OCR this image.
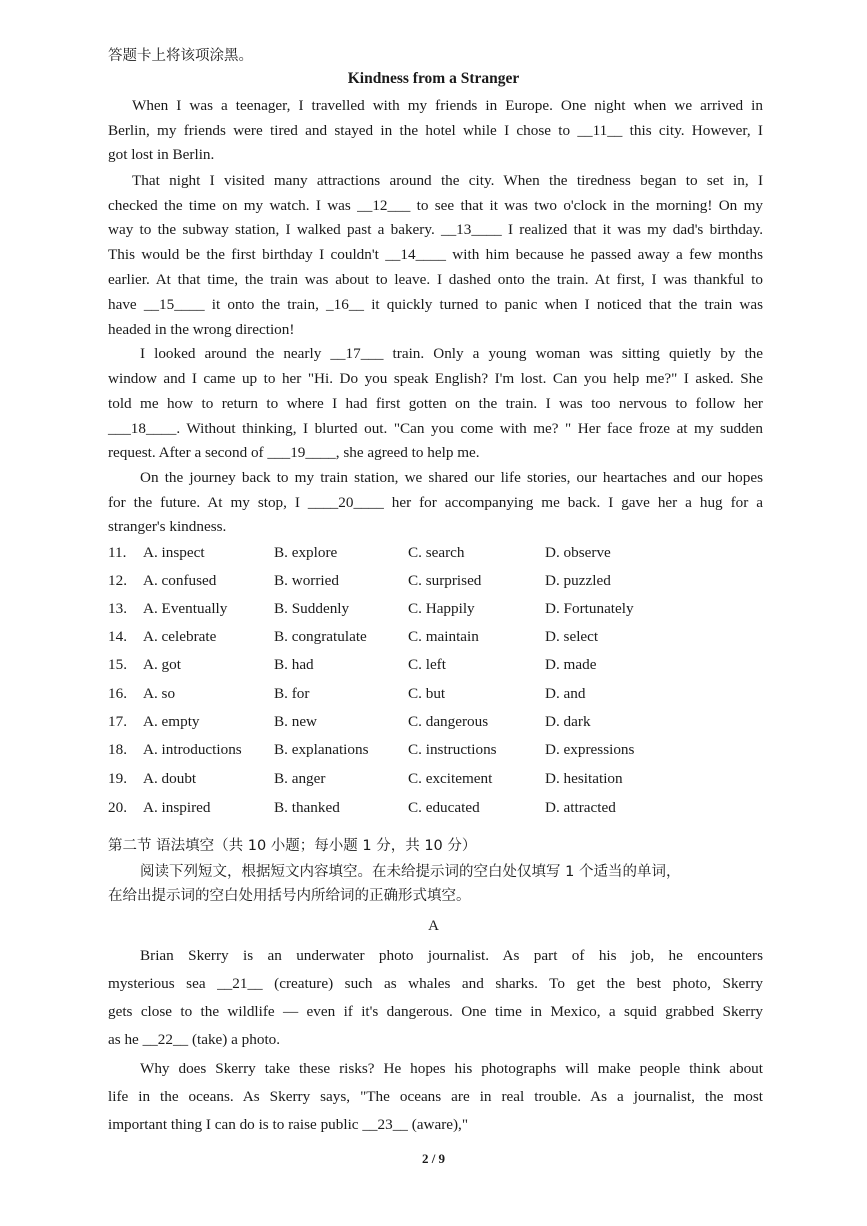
答题卡上将该项涂黑。
Kindness from a Stranger
When I was a teenager, I travelled with my friends in Europe. One night when we arrived in
Berlin, my friends were tired and stayed in the hotel while I chose to __11__ this city. However, I
got lost in Berlin.
That night I visited many attractions around the city. When the tiredness began to set in, I
checked the time on my watch. I was __12___ to see that it was two o'clock in the morning! On my
way to the subway station, I walked past a bakery. __13____ I realized that it was my dad's birthday.
This would be the first birthday I couldn't __14____ with him because he passed away a few months
earlier. At that time, the train was about to leave. I dashed onto the train. At first, I was thankful to
have __15____ it onto the train, _16__ it quickly turned to panic when I noticed that the train was
headed in the wrong direction!
I looked around the nearly __17___ train. Only a young woman was sitting quietly by the
window and I came up to her "Hi. Do you speak English? I'm lost. Can you help me?" I asked. She
told me how to return to where I had first gotten on the train. I was too nervous to follow her
___18____. Without thinking, I blurted out. "Can you come with me? " Her face froze at my sudden
request. After a second of ___19____, she agreed to help me.
On the journey back to my train station, we shared our life stories, our heartaches and our hopes
for the future. At my stop, I ____20____ her for accompanying me back. I gave her a hug for a
stranger's kindness.
11. A. inspect	B. explore	C. search	D. observe
12. A. confused	B. worried	C. surprised	D. puzzled
13. A. Eventually	B. Suddenly	C. Happily	D. Fortunately
14. A. celebrate	B. congratulate	C. maintain	D. select
15. A. got	B. had	C. left	D. made
16. A. so	B. for	C. but	D. and
17. A. empty	B. new	C. dangerous	D. dark
18. A. introductions B. explanations	C. instructions	D. expressions
19. A. doubt	B. anger	C. excitement	D. hesitation
20. A. inspired	B. thanked	C. educated	D. attracted
第二节 语法填空（共 10 小题；每小题 1 分，共 10 分）
阅读下列短文，根据短文内容填空。在未给提示词的空白处仅填写 1 个适当的单词，
在给出提示词的空白处用括号内所给词的正确形式填空。
A
Brian Skerry is an underwater photo journalist. As part of his job, he encounters
mysterious sea __21__ (creature) such as whales and sharks. To get the best photo, Skerry
gets close to the wildlife — even if it's dangerous. One time in Mexico, a squid grabbed Skerry
as he __22__ (take) a photo.
Why does Skerry take these risks? He hopes his photographs will make people think about
life in the oceans. As Skerry says, "The oceans are in real trouble. As a journalist, the most
important thing I can do is to raise public __23__ (aware),"
2 / 9
